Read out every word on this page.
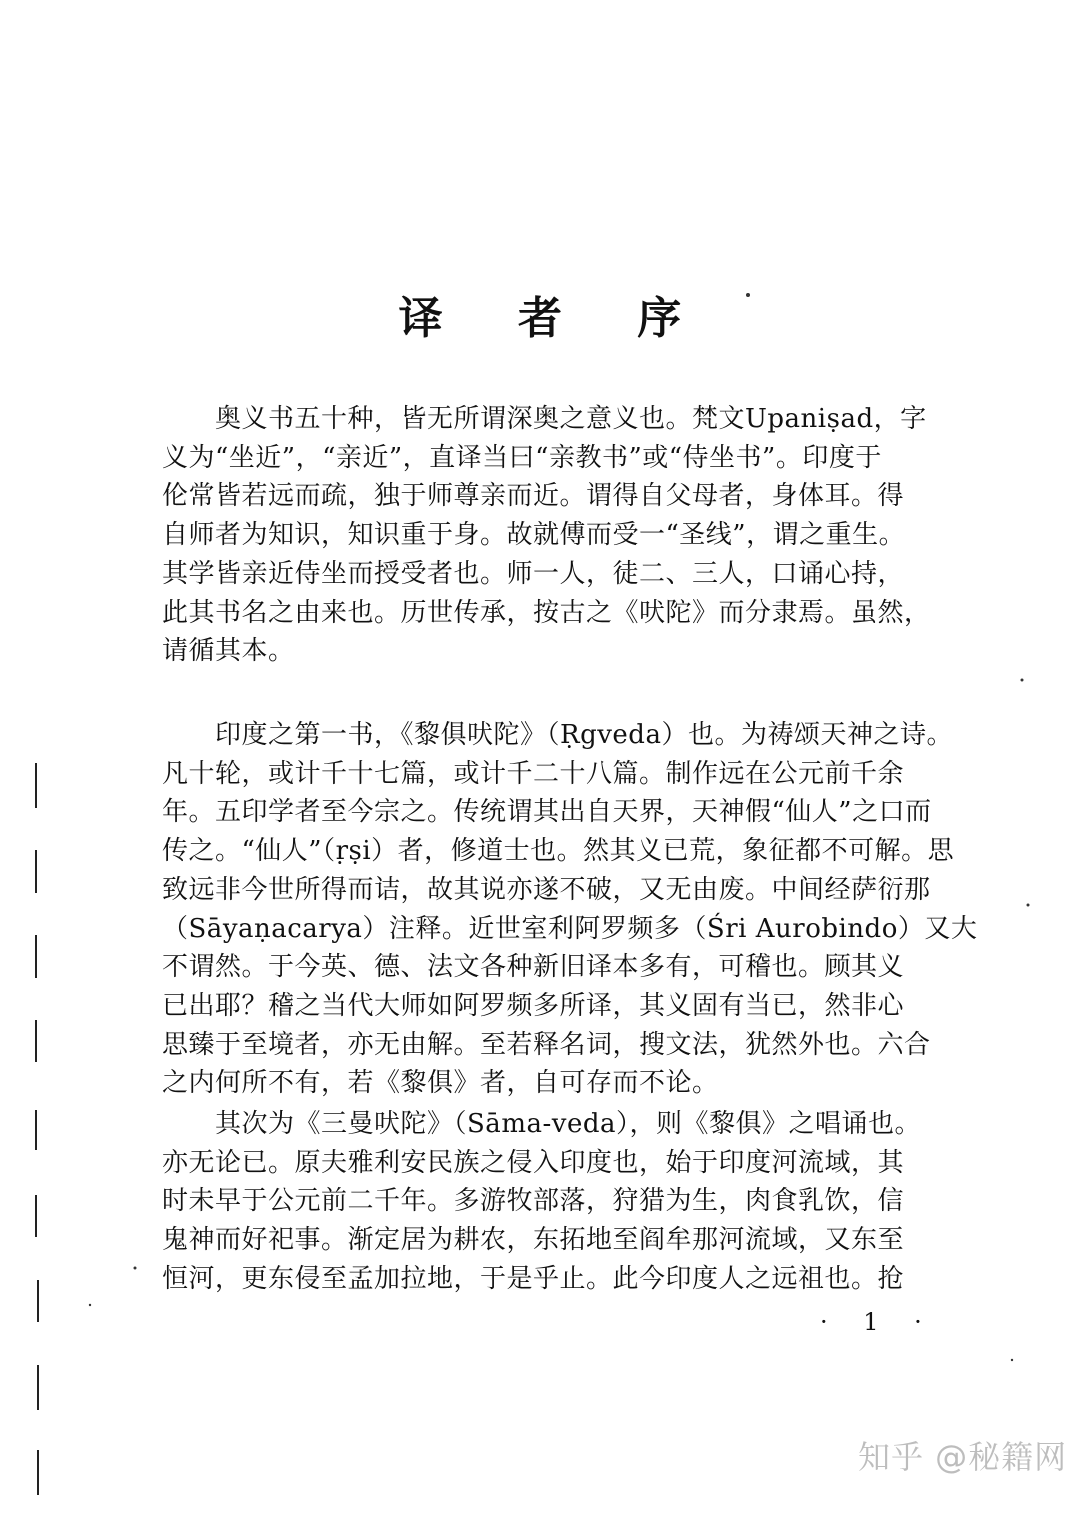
译 者 序
　　奥义书五十种，皆无所谓深奥之意义也。梵文Upaniṣad，字
义为“坐近”，“亲近”，直译当曰“亲教书”或“侍坐书”。印度于
伦常皆若远而疏，独于师尊亲而近。谓得自父母者，身体耳。得
自师者为知识，知识重于身。故就傅而受一“圣线”，谓之重生。
其学皆亲近侍坐而授受者也。师一人，徒二、三人，口诵心持，
此其书名之由来也。历世传承，按古之《吠陀》而分隶焉。虽然，
请循其本。
　　印度之第一书，《黎俱吠陀》（Ṛgveda）也。为祷颂天神之诗。
凡十轮，或计千十七篇，或计千二十八篇。制作远在公元前千余
年。五印学者至今宗之。传统谓其出自天界，天神假“仙人”之口而
传之。“仙人”（ṛṣi）者，修道士也。然其义已荒，象征都不可解。思
致远非今世所得而诘，故其说亦遂不破，又无由废。中间经萨衍那
（Sāyaṇacarya）注释。近世室利阿罗频多（Śri Aurobindo）又大
不谓然。于今英、德、法文各种新旧译本多有，可稽也。顾其义
已出耶？稽之当代大师如阿罗频多所译，其义固有当已，然非心
思臻于至境者，亦无由解。至若释名词，搜文法，犹然外也。六合
之内何所不有，若《黎俱》者，自可存而不论。
　　其次为《三曼吠陀》（Sāma-veda），则《黎俱》之唱诵也。
亦无论已。原夫雅利安民族之侵入印度也，始于印度河流域，其
时未早于公元前二千年。多游牧部落，狩猎为生，肉食乳饮，信
鬼神而好祀事。渐定居为耕农，东拓地至阎牟那河流域，又东至
恒河，更东侵至孟加拉地，于是乎止。此今印度人之远祖也。抢
· 1 ·
知乎 @秘籍网
